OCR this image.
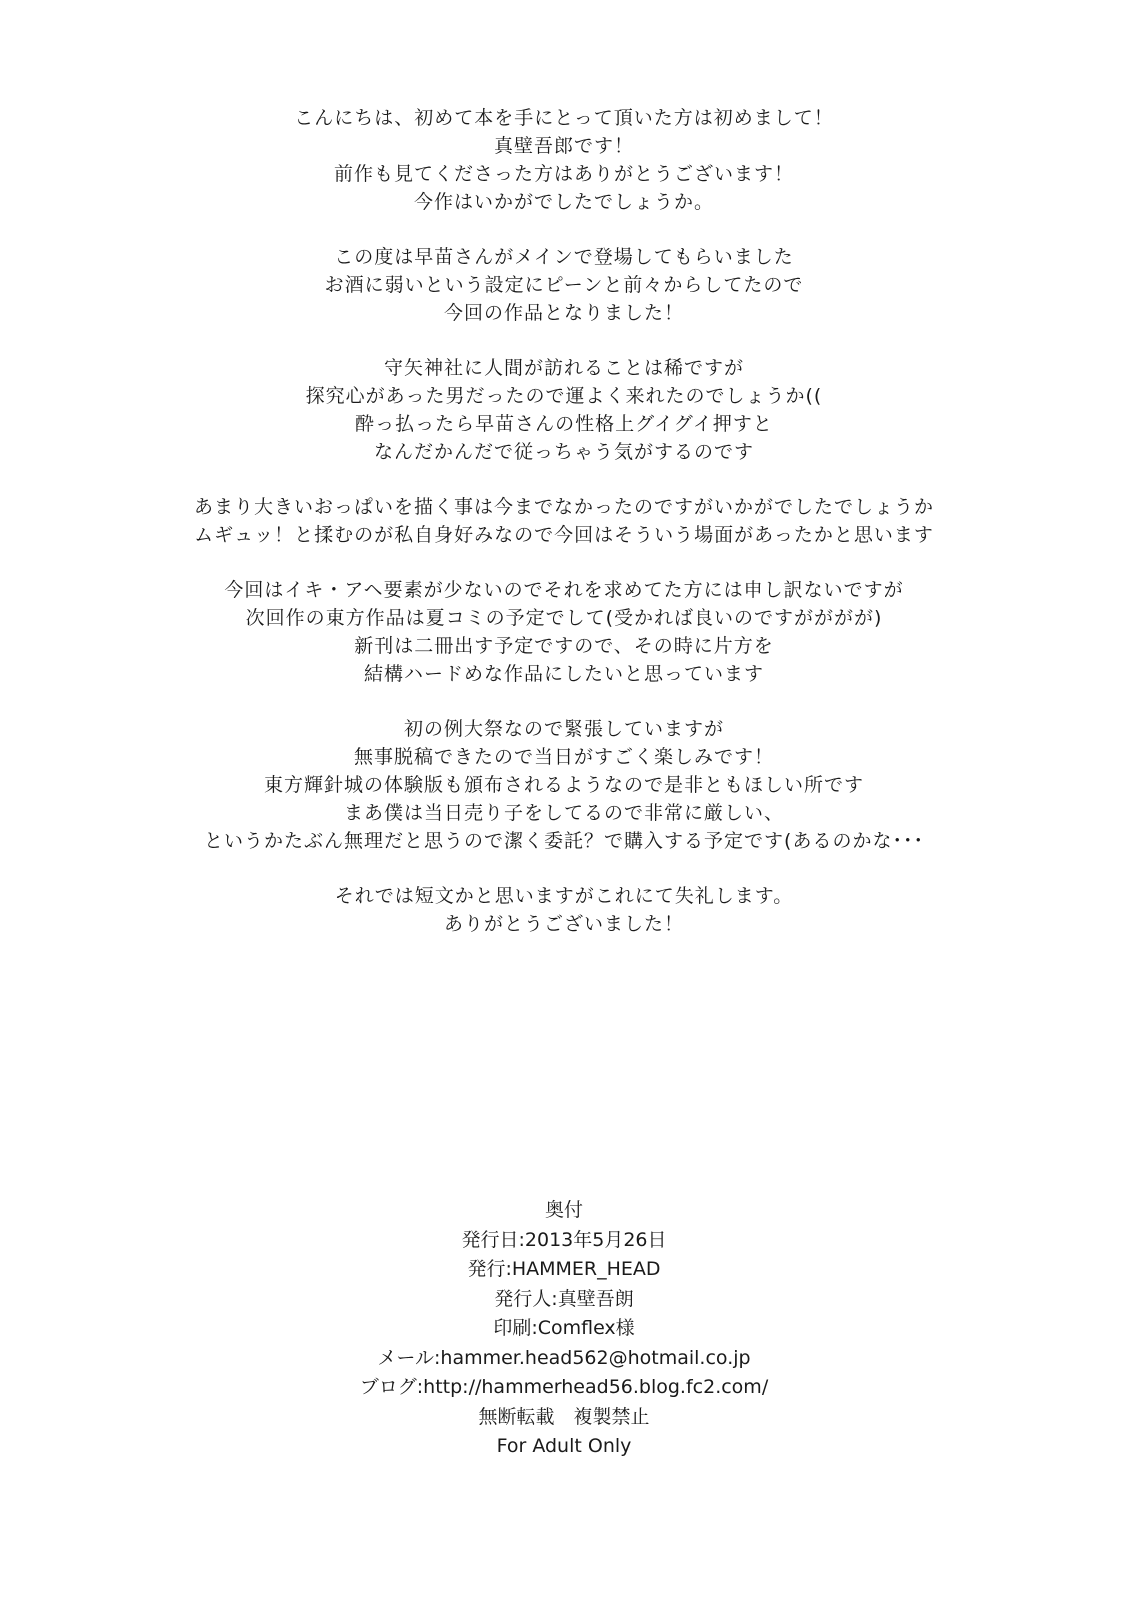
こんにちは、初めて本を手にとって頂いた方は初めまして！
真壁吾郎です！
前作も見てくださった方はありがとうございます！
今作はいかがでしたでしょうか。
この度は早苗さんがメインで登場してもらいました
お酒に弱いという設定にピーンと前々からしてたので
今回の作品となりました！
守矢神社に人間が訪れることは稀ですが
探究心があった男だったので運よく来れたのでしょうか((
酔っ払ったら早苗さんの性格上グイグイ押すと
なんだかんだで従っちゃう気がするのです
あまり大きいおっぱいを描く事は今までなかったのですがいかがでしたでしょうか
ムギュッ！と揉むのが私自身好みなので今回はそういう場面があったかと思います
今回はイキ・アヘ要素が少ないのでそれを求めてた方には申し訳ないですが
次回作の東方作品は夏コミの予定でして(受かれば良いのですがががが)
新刊は二冊出す予定ですので、その時に片方を
結構ハードめな作品にしたいと思っています
初の例大祭なので緊張していますが
無事脱稿できたので当日がすごく楽しみです！
東方輝針城の体験版も頒布されるようなので是非ともほしい所です
まあ僕は当日売り子をしてるので非常に厳しい、
というかたぶん無理だと思うので潔く委託？で購入する予定です(あるのかな･･･
それでは短文かと思いますがこれにて失礼します。
ありがとうございました！
奥付
発行日:2013年5月26日
発行:HAMMER_HEAD
発行人:真壁吾朗
印刷:Comflex様
メール:hammer.head562@hotmail.co.jp
ブログ:http://hammerhead56.blog.fc2.com/
無断転載　複製禁止
For Adult Only
